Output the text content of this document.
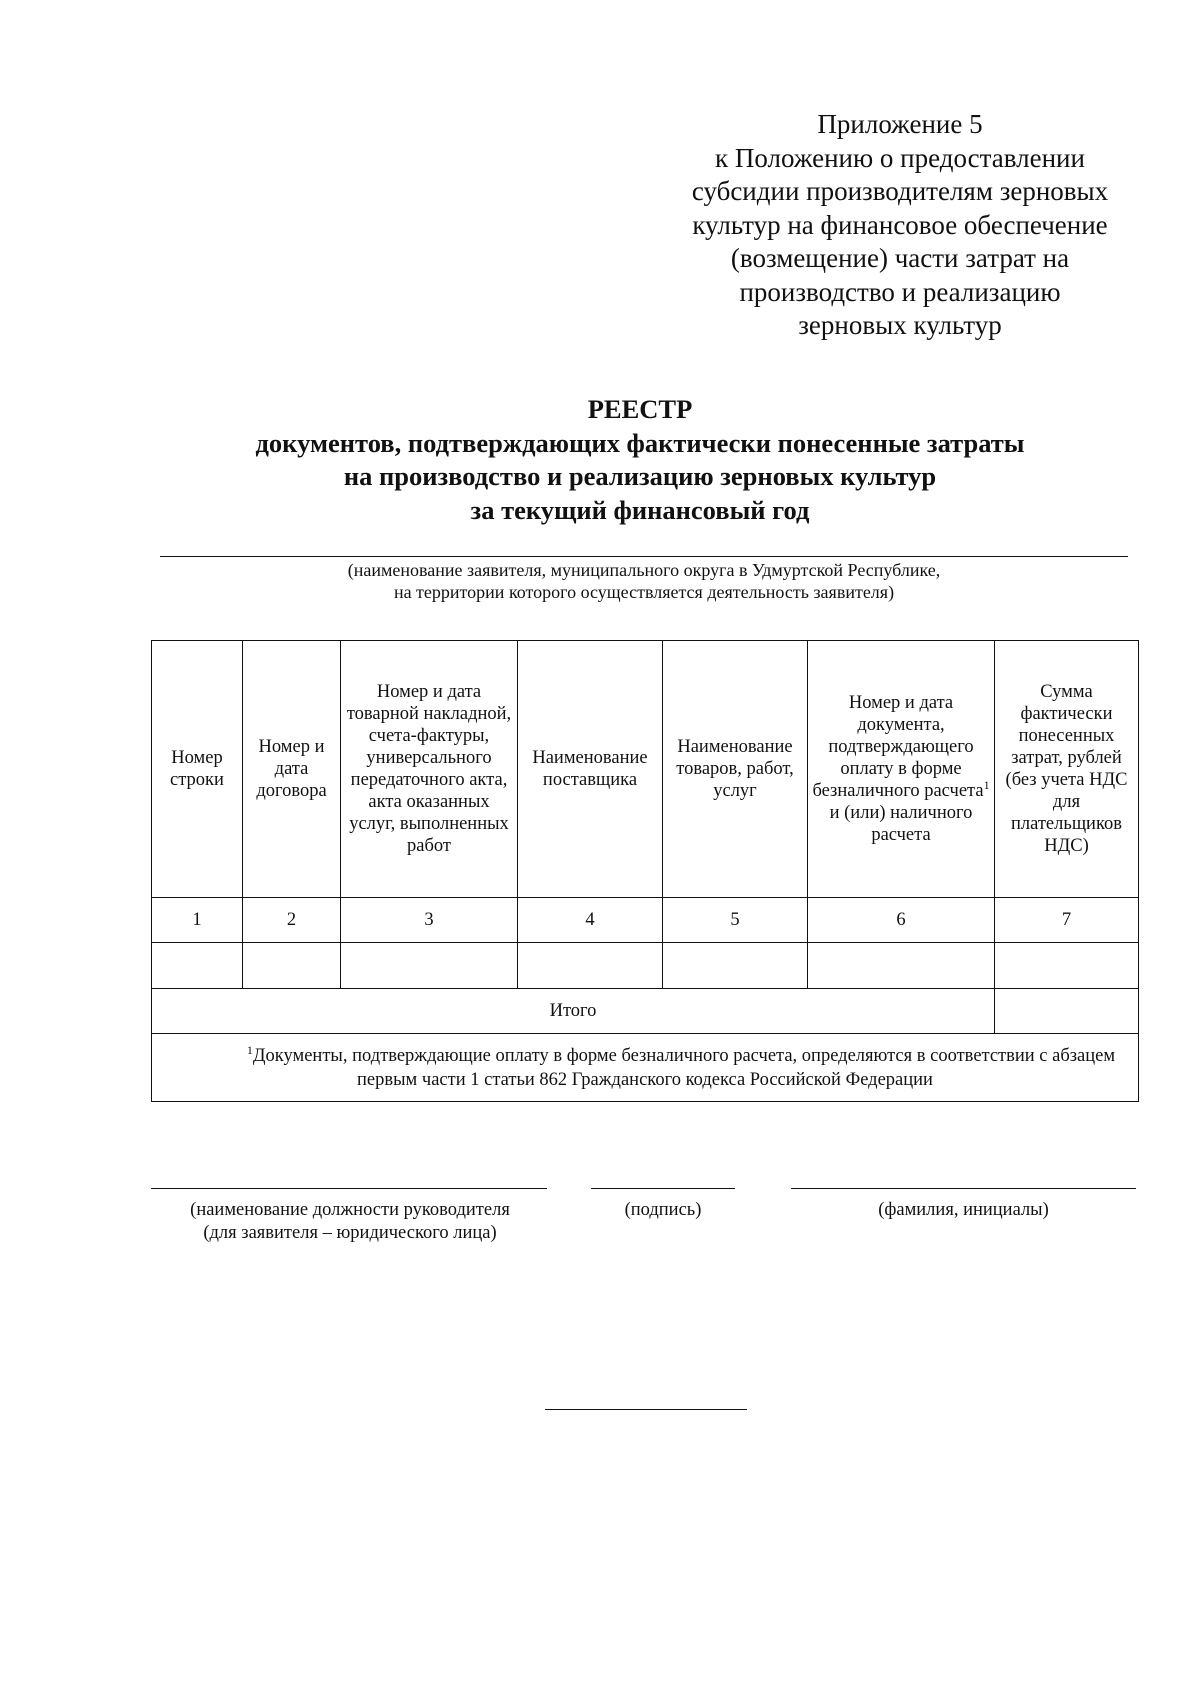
Приложение 5
к Положению о предоставлении
субсидии производителям зерновых
культур на финансовое обеспечение
(возмещение) части затрат на
производство и реализацию
зерновых культур
РЕЕСТР
документов, подтверждающих фактически понесенные затраты
на производство и реализацию зерновых культур
за текущий финансовый год
(наименование заявителя, муниципального округа в Удмуртской Республике,
на территории которого осуществляется деятельность заявителя)
Номер строки	Номер и дата договора	Номер и дата товарной накладной, счета-фактуры, универсального передаточного акта, акта оказанных услуг, выполненных работ	Наименование поставщика	Наименование товаров, работ, услуг	Номер и дата документа, подтверждающего оплату в форме безналичного расчета$^1$ и (или) наличного расчета	Сумма фактически понесенных затрат, рублей (без учета НДС для плательщиков НДС)
1	2	3	4	5	6	7

Итого						
$^1$Документы, подтверждающие оплату в форме безналичного расчета, определяются в соответствии с абзацем первым части 1 статьи 862 Гражданского кодекса Российской Федерации						
(наименование должности руководителя
(для заявителя – юридического лица)
(подпись)	(фамилия, инициалы)
